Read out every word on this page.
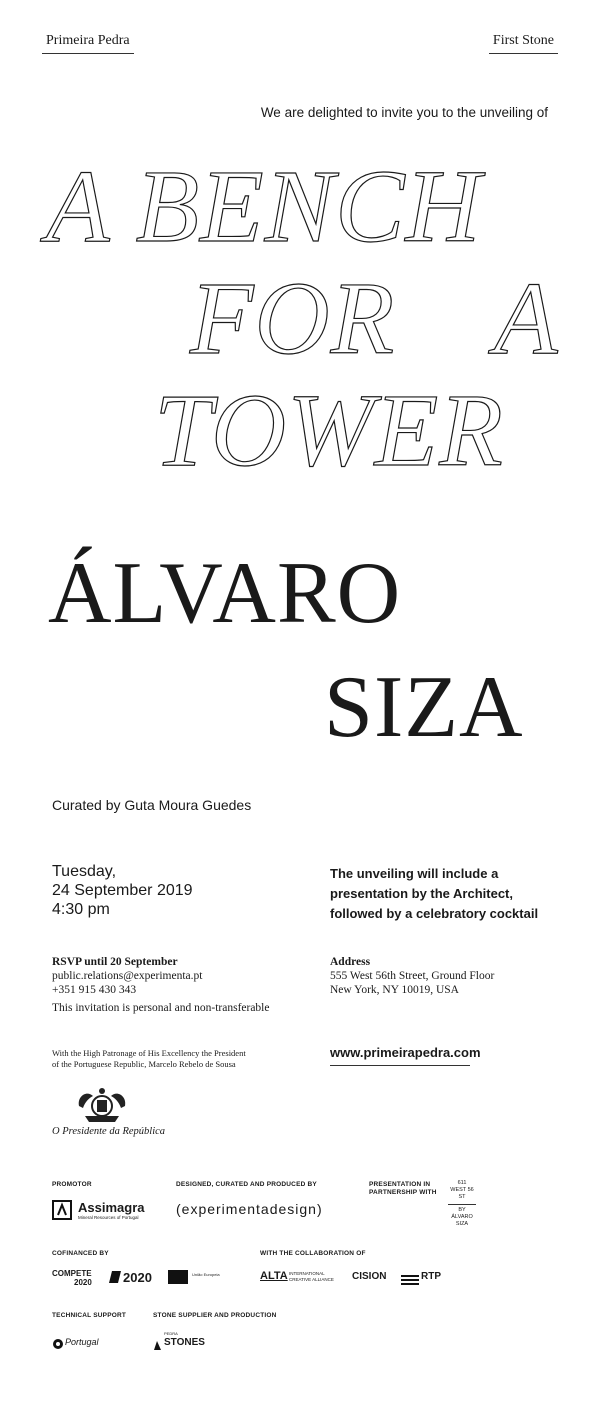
Primeira Pedra	First Stone
We are delighted to invite you to the unveiling of
A BENCH
FOR A
TOWER
ÁLVARO
SIZA
Curated by Guta Moura Guedes
Tuesday,
24 September 2019
4:30 pm
The unveiling will include a
presentation by the Architect,
followed by a celebratory cocktail
RSVP until 20 September
public.relations@experimenta.pt
+351 915 430 343
This invitation is personal and non-transferable
Address
555 West 56th Street, Ground Floor
New York, NY 10019, USA
With the High Patronage of His Excellency the President
of the Portuguese Republic, Marcelo Rebelo de Sousa
www.primeirapedra.com
O Presidente da República
PROMOTOR	DESIGNED, CURATED AND PRODUCED BY	PRESENTATION IN
PARTNERSHIP WITH
Assimagra
Mineral Resources of Portugal
(experimentadesign)
611
WEST 56
ST
BY
ÁLVARO
SIZA
COFINANCED BY	WITH THE COLLABORATION OF
COMPETE
2020 2020	União Europeia	ALTA INTERNATIONAL CREATIVE ALLIANCE	CISION	RTP
TECHNICAL SUPPORT	STONE SUPPLIER AND PRODUCTION
Portugal
PEDRA
STONES
